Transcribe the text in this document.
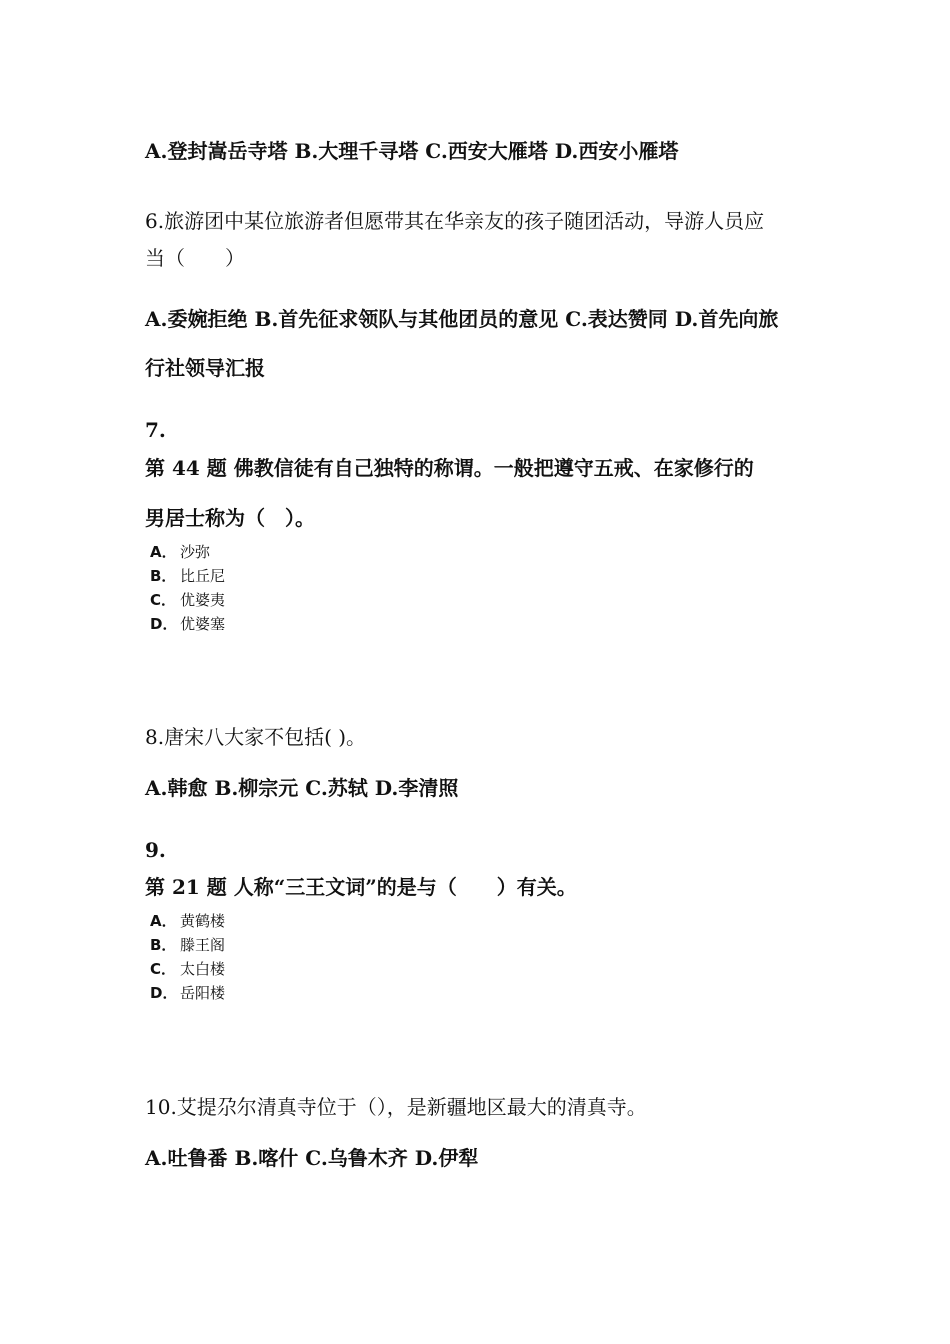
A.登封嵩岳寺塔 B.大理千寻塔 C.西安大雁塔 D.西安小雁塔
6.旅游团中某位旅游者但愿带其在华亲友的孩子随团活动，导游人员应
当（　　）
A.委婉拒绝 B.首先征求领队与其他团员的意见 C.表达赞同 D.首先向旅
行社领导汇报
7.
第 44 题 佛教信徒有自己独特的称谓。一般把遵守五戒、在家修行的
男居士称为（　）。
A． 沙弥
B． 比丘尼
C． 优婆夷
D． 优婆塞
8.唐宋八大家不包括( )。
A.韩愈 B.柳宗元 C.苏轼 D.李清照
9.
第 21 题 人称“三王文词”的是与（　　）有关。
A． 黄鹤楼
B． 滕王阁
C． 太白楼
D． 岳阳楼
10.艾提尕尔清真寺位于（），是新疆地区最大的清真寺。
A.吐鲁番 B.喀什 C.乌鲁木齐 D.伊犁
